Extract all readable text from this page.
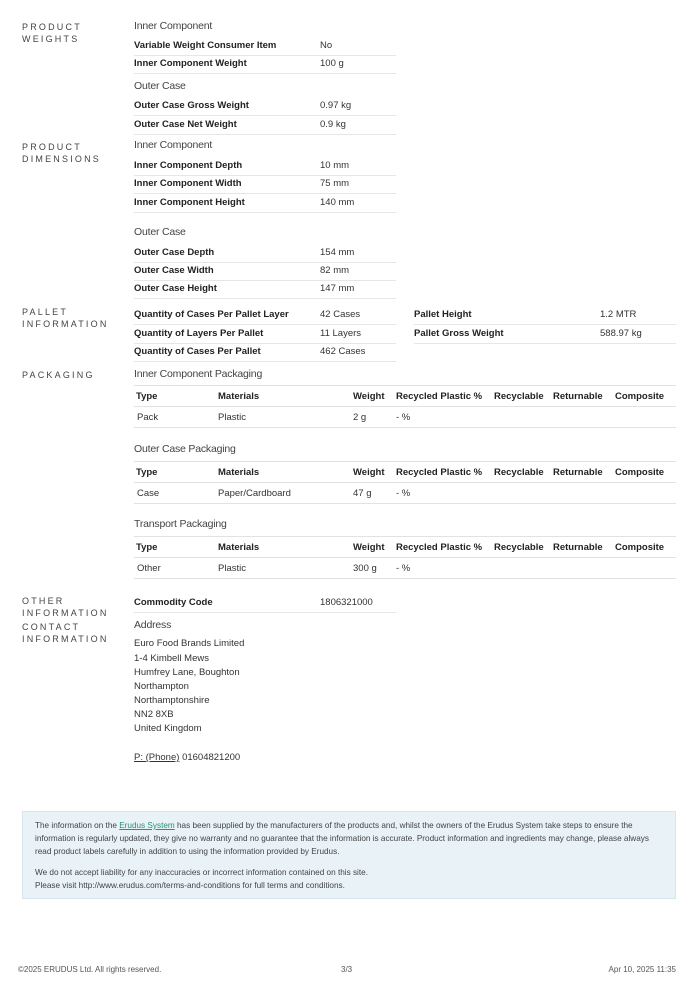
PRODUCT
WEIGHTS
PRODUCT
DIMENSIONS
PALLET
INFORMATION
PACKAGING
OTHER
INFORMATION
CONTACT
INFORMATION
Inner Component
Variable Weight Consumer Item	No
Inner Component Weight	100 g
Outer Case
Outer Case Gross Weight	0.97 kg
Outer Case Net Weight	0.9 kg
Inner Component
Inner Component Depth	10 mm
Inner Component Width	75 mm
Inner Component Height	140 mm
Outer Case
Outer Case Depth	154 mm
Outer Case Width	82 mm
Outer Case Height	147 mm
Quantity of Cases Per Pallet Layer	42 Cases
Quantity of Layers Per Pallet	11 Layers
Quantity of Cases Per Pallet	462 Cases
Pallet Height	1.2 MTR
Pallet Gross Weight	588.97 kg
Inner Component Packaging
Type	Materials	Weight	Recycled Plastic %	Recyclable	Returnable	Composite
Pack	Plastic	2 g	- %			
Outer Case Packaging
Type	Materials	Weight	Recycled Plastic %	Recyclable	Returnable	Composite
Case	Paper/Cardboard	47 g	- %			
Transport Packaging
Type	Materials	Weight	Recycled Plastic %	Recyclable	Returnable	Composite
Other	Plastic	300 g	- %			
Commodity Code	1806321000
Address
Euro Food Brands Limited
1-4 Kimbell Mews
Humfrey Lane, Boughton
Northampton
Northamptonshire
NN2 8XB
United Kingdom
P: (Phone) 01604821200
The information on the Erudus System has been supplied by the manufacturers of the products and, whilst the owners of the Erudus System take steps to ensure the
information is regularly updated, they give no warranty and no guarantee that the information is accurate. Product information and ingredients may change, please always
read product labels carefully in addition to using the information provided by Erudus.
We do not accept liability for any inaccuracies or incorrect information contained on this site.
Please visit http://www.erudus.com/terms-and-conditions for full terms and conditions.
©2025 ERUDUS Ltd. All rights reserved.	3/3	Apr 10, 2025 11:35
